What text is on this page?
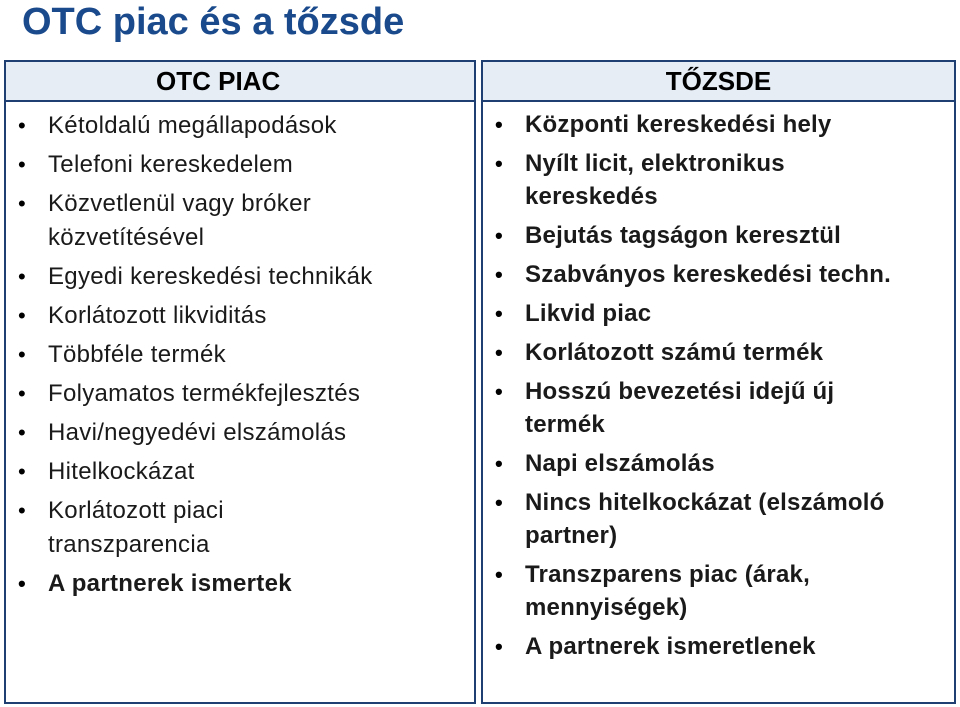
OTC piac és a tőzsde
OTC PIAC
• Kétoldalú megállapodások
• Telefoni kereskedelem
• Közvetlenül vagy bróker közvetítésével
• Egyedi kereskedési technikák
• Korlátozott likviditás
• Többféle termék
• Folyamatos termékfejlesztés
• Havi/negyedévi elszámolás
• Hitelkockázat
• Korlátozott piaci transzparencia
• A partnerek ismertek
TŐZSDE
• Központi kereskedési hely
• Nyílt licit, elektronikus kereskedés
• Bejutás tagságon keresztül
• Szabványos kereskedési techn.
• Likvid piac
• Korlátozott számú termék
• Hosszú bevezetési idejű új termék
• Napi elszámolás
• Nincs hitelkockázat (elszámoló partner)
• Transzparens piac (árak, mennyiségek)
• A partnerek ismeretlenek
